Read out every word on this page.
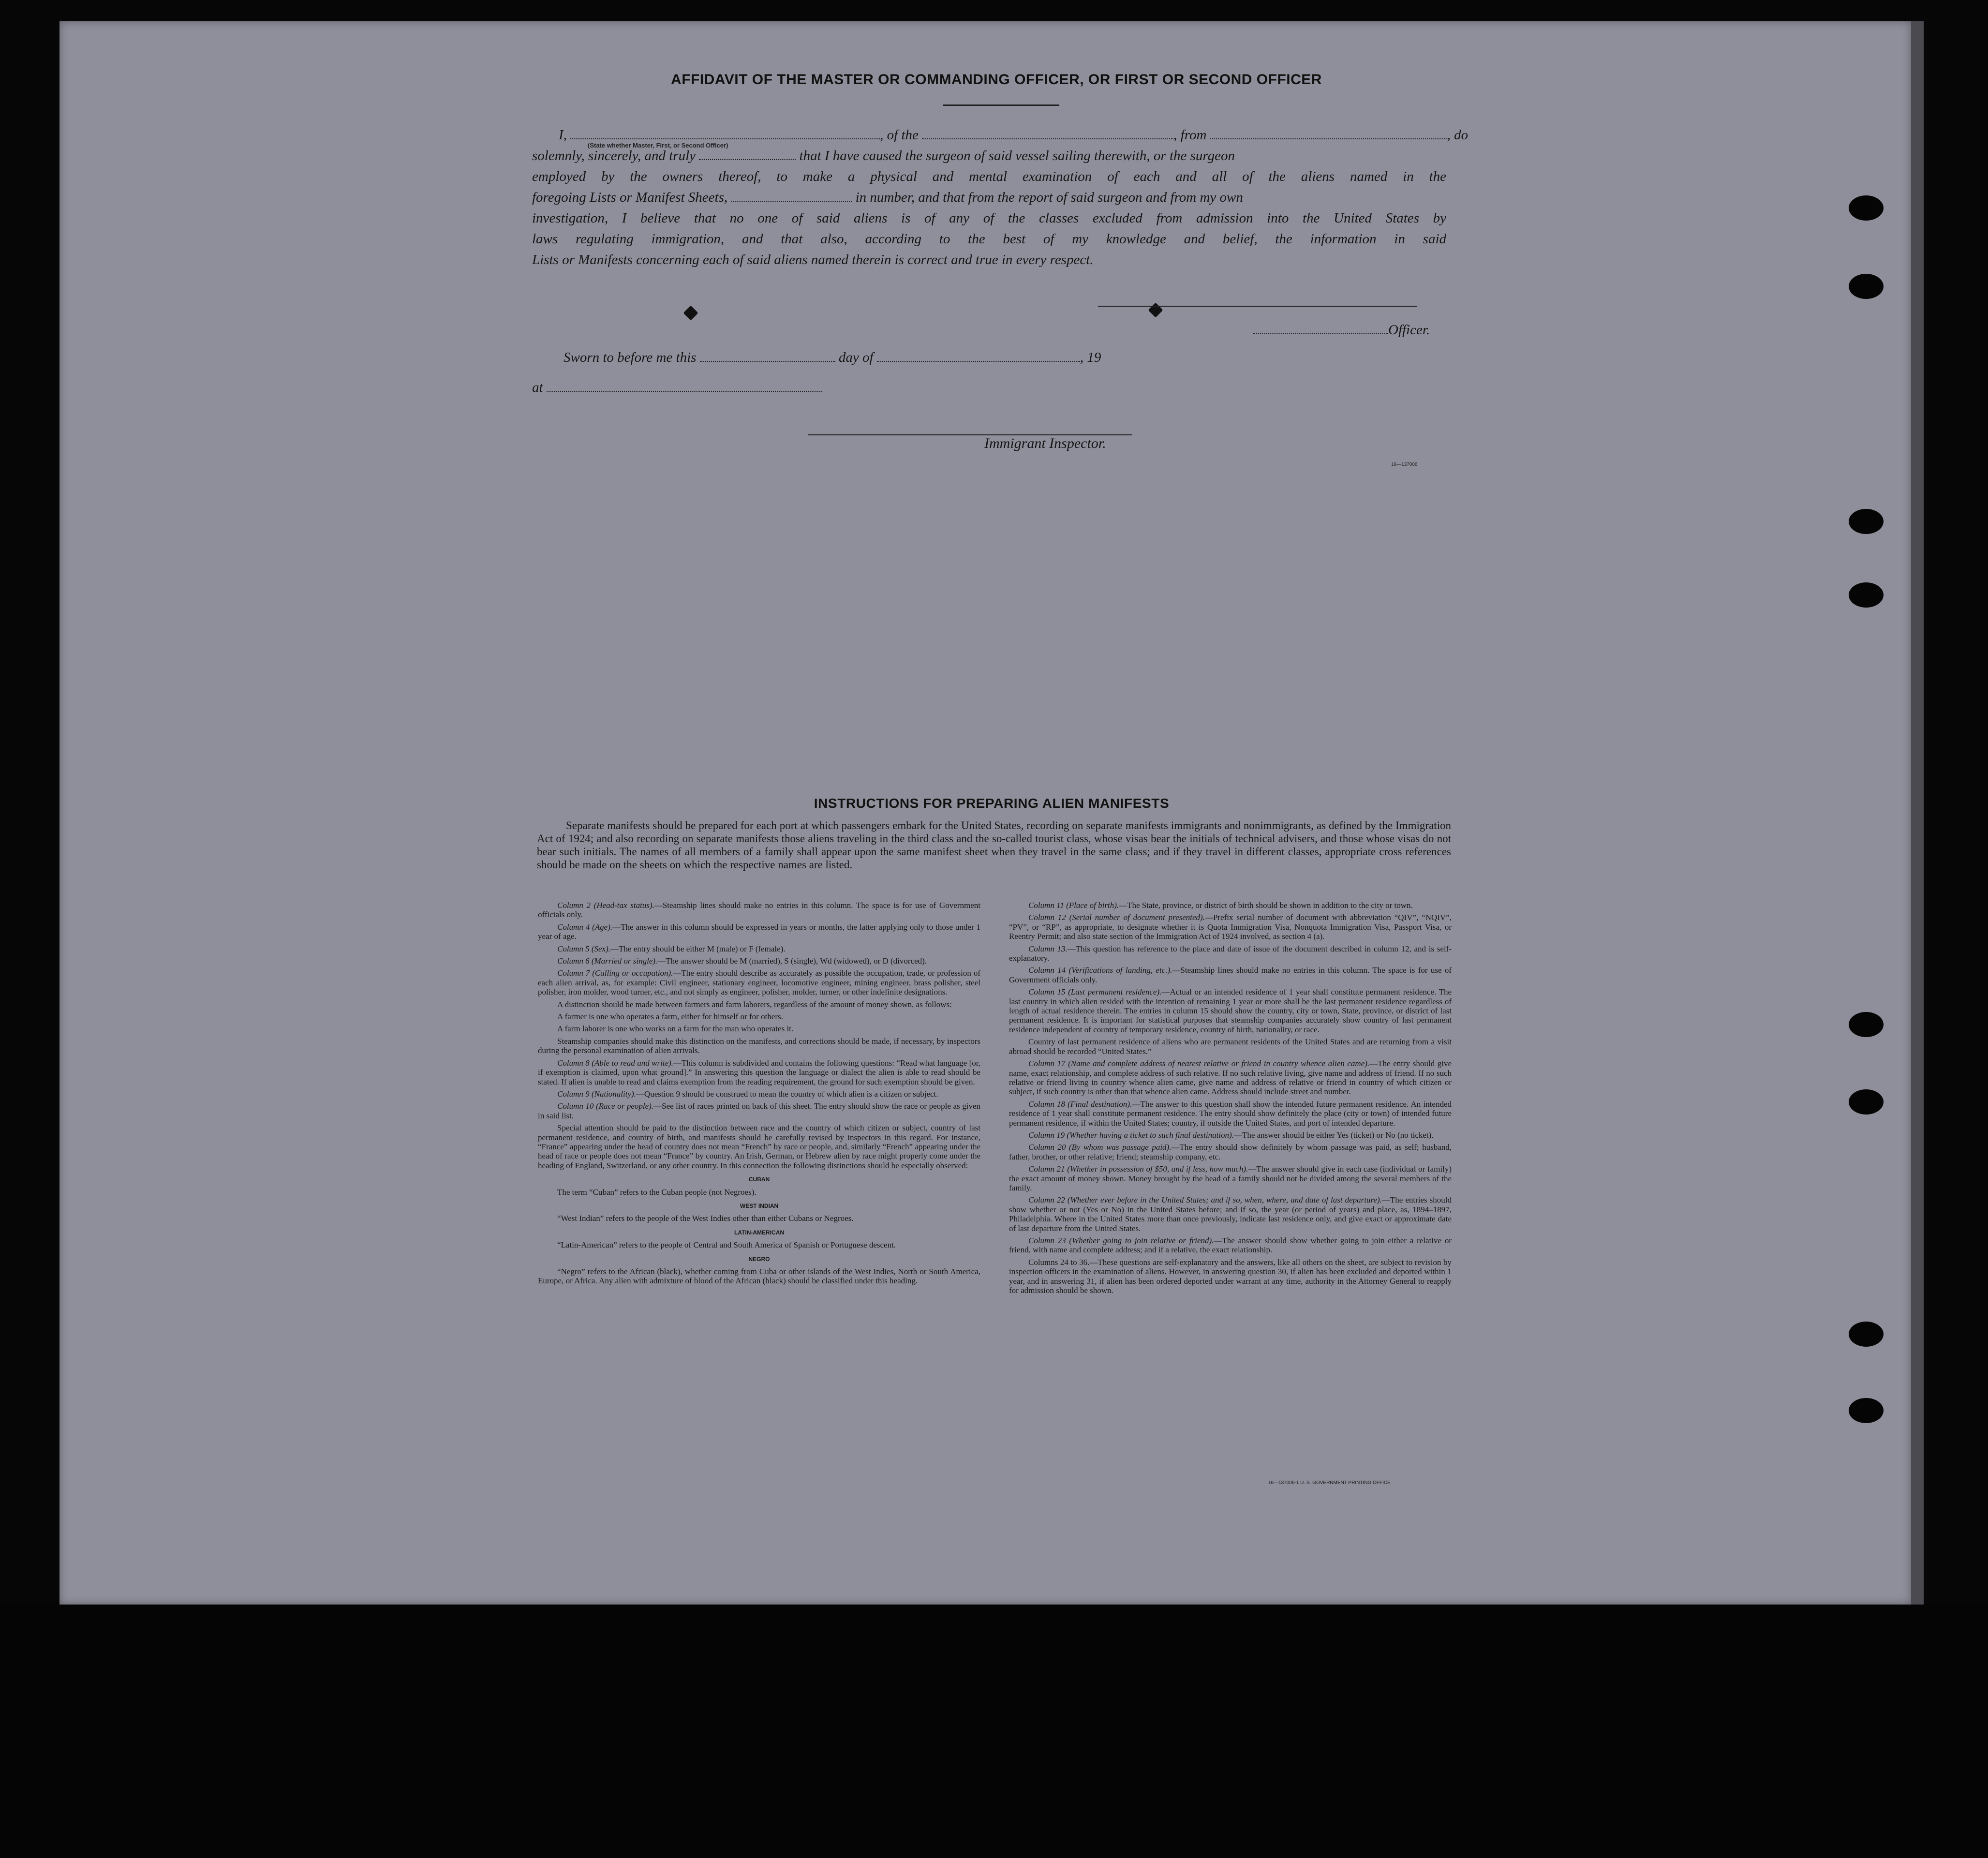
AFFIDAVIT OF THE MASTER OR COMMANDING OFFICER, OR FIRST OR SECOND OFFICER
I,	, of the	, from	, do
solemnly, sincerely, and truly	that I have caused the surgeon of said vessel sailing therewith, or the surgeon
employed by the owners thereof, to make a physical and mental examination of each and all of the aliens named in the
foregoing Lists or Manifest Sheets,	in number, and that from the report of said surgeon and from my own
investigation, I believe that no one of said aliens is of any of the classes excluded from admission into the United States by
laws regulating immigration, and that also, according to the best of my knowledge and belief, the information in said
Lists or Manifests concerning each of said aliens named therein is correct and true in every respect.
(State whether Master, First, or Second Officer)
Officer.
Sworn to before me this	day of	, 19
at
Immigrant Inspector.
16—137006
INSTRUCTIONS FOR PREPARING ALIEN MANIFESTS
Separate manifests should be prepared for each port at which passengers embark for the United States, recording on separate manifests immigrants and nonimmigrants, as defined by the Immigration Act of 1924; and also recording on separate manifests those aliens traveling in the third class and the so-called tourist class, whose visas bear the initials of technical advisers, and those whose visas do not bear such initials. The names of all members of a family shall appear upon the same manifest sheet when they travel in the same class; and if they travel in different classes, appropriate cross references should be made on the sheets on which the respective names are listed.

Column 2 (Head-tax status).—Steamship lines should make no entries in this column. The space is for use of Government officials only.

Column 4 (Age).—The answer in this column should be expressed in years or months, the latter applying only to those under 1 year of age.

Column 5 (Sex).—The entry should be either M (male) or F (female).

Column 6 (Married or single).—The answer should be M (married), S (single), Wd (widowed), or D (divorced).

Column 7 (Calling or occupation).—The entry should describe as accurately as possible the occupation, trade, or profession of each alien arrival, as, for example: Civil engineer, stationary engineer, locomotive engineer, mining engineer, brass polisher, steel polisher, iron molder, wood turner, etc., and not simply as engineer, polisher, molder, turner, or other indefinite designations.

A distinction should be made between farmers and farm laborers, regardless of the amount of money shown, as follows:

A farmer is one who operates a farm, either for himself or for others.

A farm laborer is one who works on a farm for the man who operates it.

Steamship companies should make this distinction on the manifests, and corrections should be made, if necessary, by inspectors during the personal examination of alien arrivals.

Column 8 (Able to read and write).—This column is subdivided and contains the following questions: “Read what language [or, if exemption is claimed, upon what ground].” In answering this question the language or dialect the alien is able to read should be stated. If alien is unable to read and claims exemption from the reading requirement, the ground for such exemption should be given.

Column 9 (Nationality).—Question 9 should be construed to mean the country of which alien is a citizen or subject.

Column 10 (Race or people).—See list of races printed on back of this sheet. The entry should show the race or people as given in said list.

Special attention should be paid to the distinction between race and the country of which citizen or subject, country of last permanent residence, and country of birth, and manifests should be carefully revised by inspectors in this regard. For instance, “France” appearing under the head of country does not mean “French” by race or people, and, similarly “French” appearing under the head of race or people does not mean “France” by country. An Irish, German, or Hebrew alien by race might properly come under the heading of England, Switzerland, or any other country. In this connection the following distinctions should be especially observed:

CUBAN

The term “Cuban” refers to the Cuban people (not Negroes).

WEST INDIAN

“West Indian” refers to the people of the West Indies other than either Cubans or Negroes.

LATIN-AMERICAN

“Latin-American” refers to the people of Central and South America of Spanish or Portuguese descent.

NEGRO

“Negro” refers to the African (black), whether coming from Cuba or other islands of the West Indies, North or South America, Europe, or Africa. Any alien with admixture of blood of the African (black) should be classified under this heading.

Column 11 (Place of birth).—The State, province, or district of birth should be shown in addition to the city or town.

Column 12 (Serial number of document presented).—Prefix serial number of document with abbreviation “QIV”, “NQIV”, “PV”, or “RP”, as appropriate, to designate whether it is Quota Immigration Visa, Nonquota Immigration Visa, Passport Visa, or Reentry Permit; and also state section of the Immigration Act of 1924 involved, as section 4 (a).

Column 13.—This question has reference to the place and date of issue of the document described in column 12, and is self-explanatory.

Column 14 (Verifications of landing, etc.).—Steamship lines should make no entries in this column. The space is for use of Government officials only.

Column 15 (Last permanent residence).—Actual or an intended residence of 1 year shall constitute permanent residence. The last country in which alien resided with the intention of remaining 1 year or more shall be the last permanent residence regardless of length of actual residence therein. The entries in column 15 should show the country, city or town, State, province, or district of last permanent residence. It is important for statistical purposes that steamship companies accurately show country of last permanent residence independent of country of temporary residence, country of birth, nationality, or race.

Country of last permanent residence of aliens who are permanent residents of the United States and are returning from a visit abroad should be recorded “United States.”

Column 17 (Name and complete address of nearest relative or friend in country whence alien came).—The entry should give name, exact relationship, and complete address of such relative. If no such relative living, give name and address of friend. If no such relative or friend living in country whence alien came, give name and address of relative or friend in country of which citizen or subject, if such country is other than that whence alien came. Address should include street and number.

Column 18 (Final destination).—The answer to this question shall show the intended future permanent residence. An intended residence of 1 year shall constitute permanent residence. The entry should show definitely the place (city or town) of intended future permanent residence, if within the United States; country, if outside the United States, and port of intended departure.

Column 19 (Whether having a ticket to such final destination).—The answer should be either Yes (ticket) or No (no ticket).

Column 20 (By whom was passage paid).—The entry should show definitely by whom passage was paid, as self; husband, father, brother, or other relative; friend; steamship company, etc.

Column 21 (Whether in possession of $50, and if less, how much).—The answer should give in each case (individual or family) the exact amount of money shown. Money brought by the head of a family should not be divided among the several members of the family.

Column 22 (Whether ever before in the United States; and if so, when, where, and date of last departure).—The entries should show whether or not (Yes or No) in the United States before; and if so, the year (or period of years) and place, as, 1894–1897, Philadelphia. Where in the United States more than once previously, indicate last residence only, and give exact or approximate date of last departure from the United States.

Column 23 (Whether going to join relative or friend).—The answer should show whether going to join either a relative or friend, with name and complete address; and if a relative, the exact relationship.

Columns 24 to 36.—These questions are self-explanatory and the answers, like all others on the sheet, are subject to revision by inspection officers in the examination of aliens. However, in answering question 30, if alien has been excluded and deported within 1 year, and in answering 31, if alien has been ordered deported under warrant at any time, authority in the Attorney General to reapply for admission should be shown.

16—137006-1 U. S. GOVERNMENT PRINTING OFFICE
